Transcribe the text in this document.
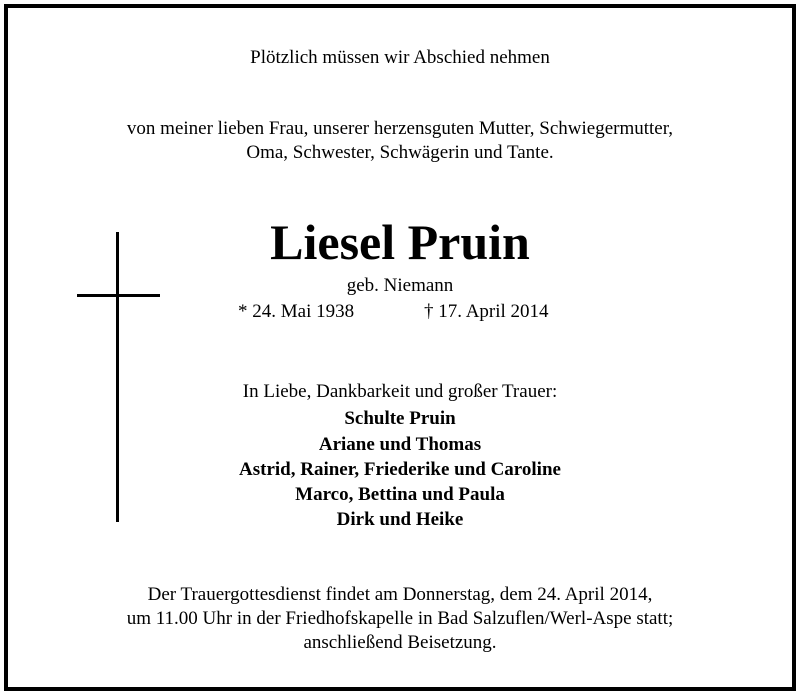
Plötzlich müssen wir Abschied nehmen
von meiner lieben Frau, unserer herzensguten Mutter, Schwiegermutter,
Oma, Schwester, Schwägerin und Tante.
Liesel Pruin
geb. Niemann
* 24. Mai 1938	† 17. April 2014
In Liebe, Dankbarkeit und großer Trauer:
Schulte Pruin
Ariane und Thomas
Astrid, Rainer, Friederike und Caroline
Marco, Bettina und Paula
Dirk und Heike
Der Trauergottesdienst findet am Donnerstag, dem 24. April 2014,
um 11.00 Uhr in der Friedhofskapelle in Bad Salzuflen/Werl-Aspe statt;
anschließend Beisetzung.
